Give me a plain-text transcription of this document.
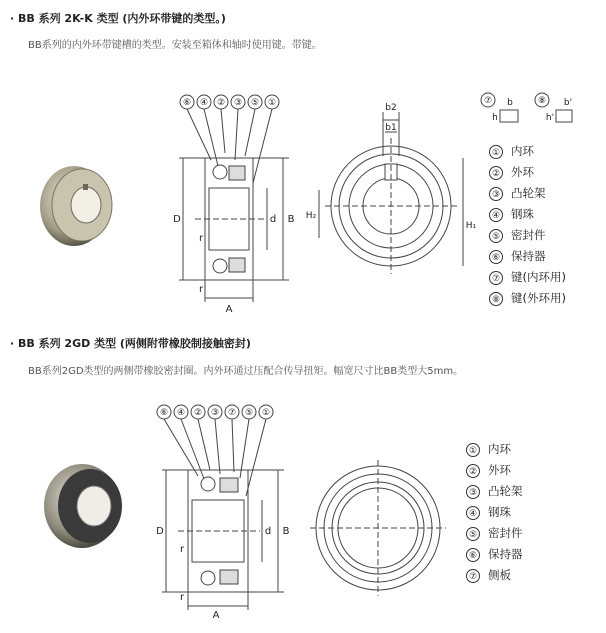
· BB 系列 2K-K 类型 (内外环带键的类型。)
BB系列的内外环带键槽的类型。安装至箱体和轴时使用键。带键。
⑥ ④ ② ③ ⑤ ①
D	d B
A
r
r
b2
b1
H₂
H₁
⑦ b
h
⑧ b'
h'
① 内环
② 外环
③ 凸轮架
④ 钢珠
⑤ 密封件
⑥ 保持器
⑦ 键(内环用)
⑧ 键(外环用)
· BB 系列 2GD 类型 (两侧附带橡胶制接触密封)
BB系列2GD类型的两侧带橡胶密封圈。内外环通过压配合传导扭矩。幅宽尺寸比BB类型大5mm。
⑥ ④ ② ③ ⑦ ⑤ ①
D	d B
A
r
r
① 内环
② 外环
③ 凸轮架
④ 钢珠
⑤ 密封件
⑥ 保持器
⑦ 侧板
